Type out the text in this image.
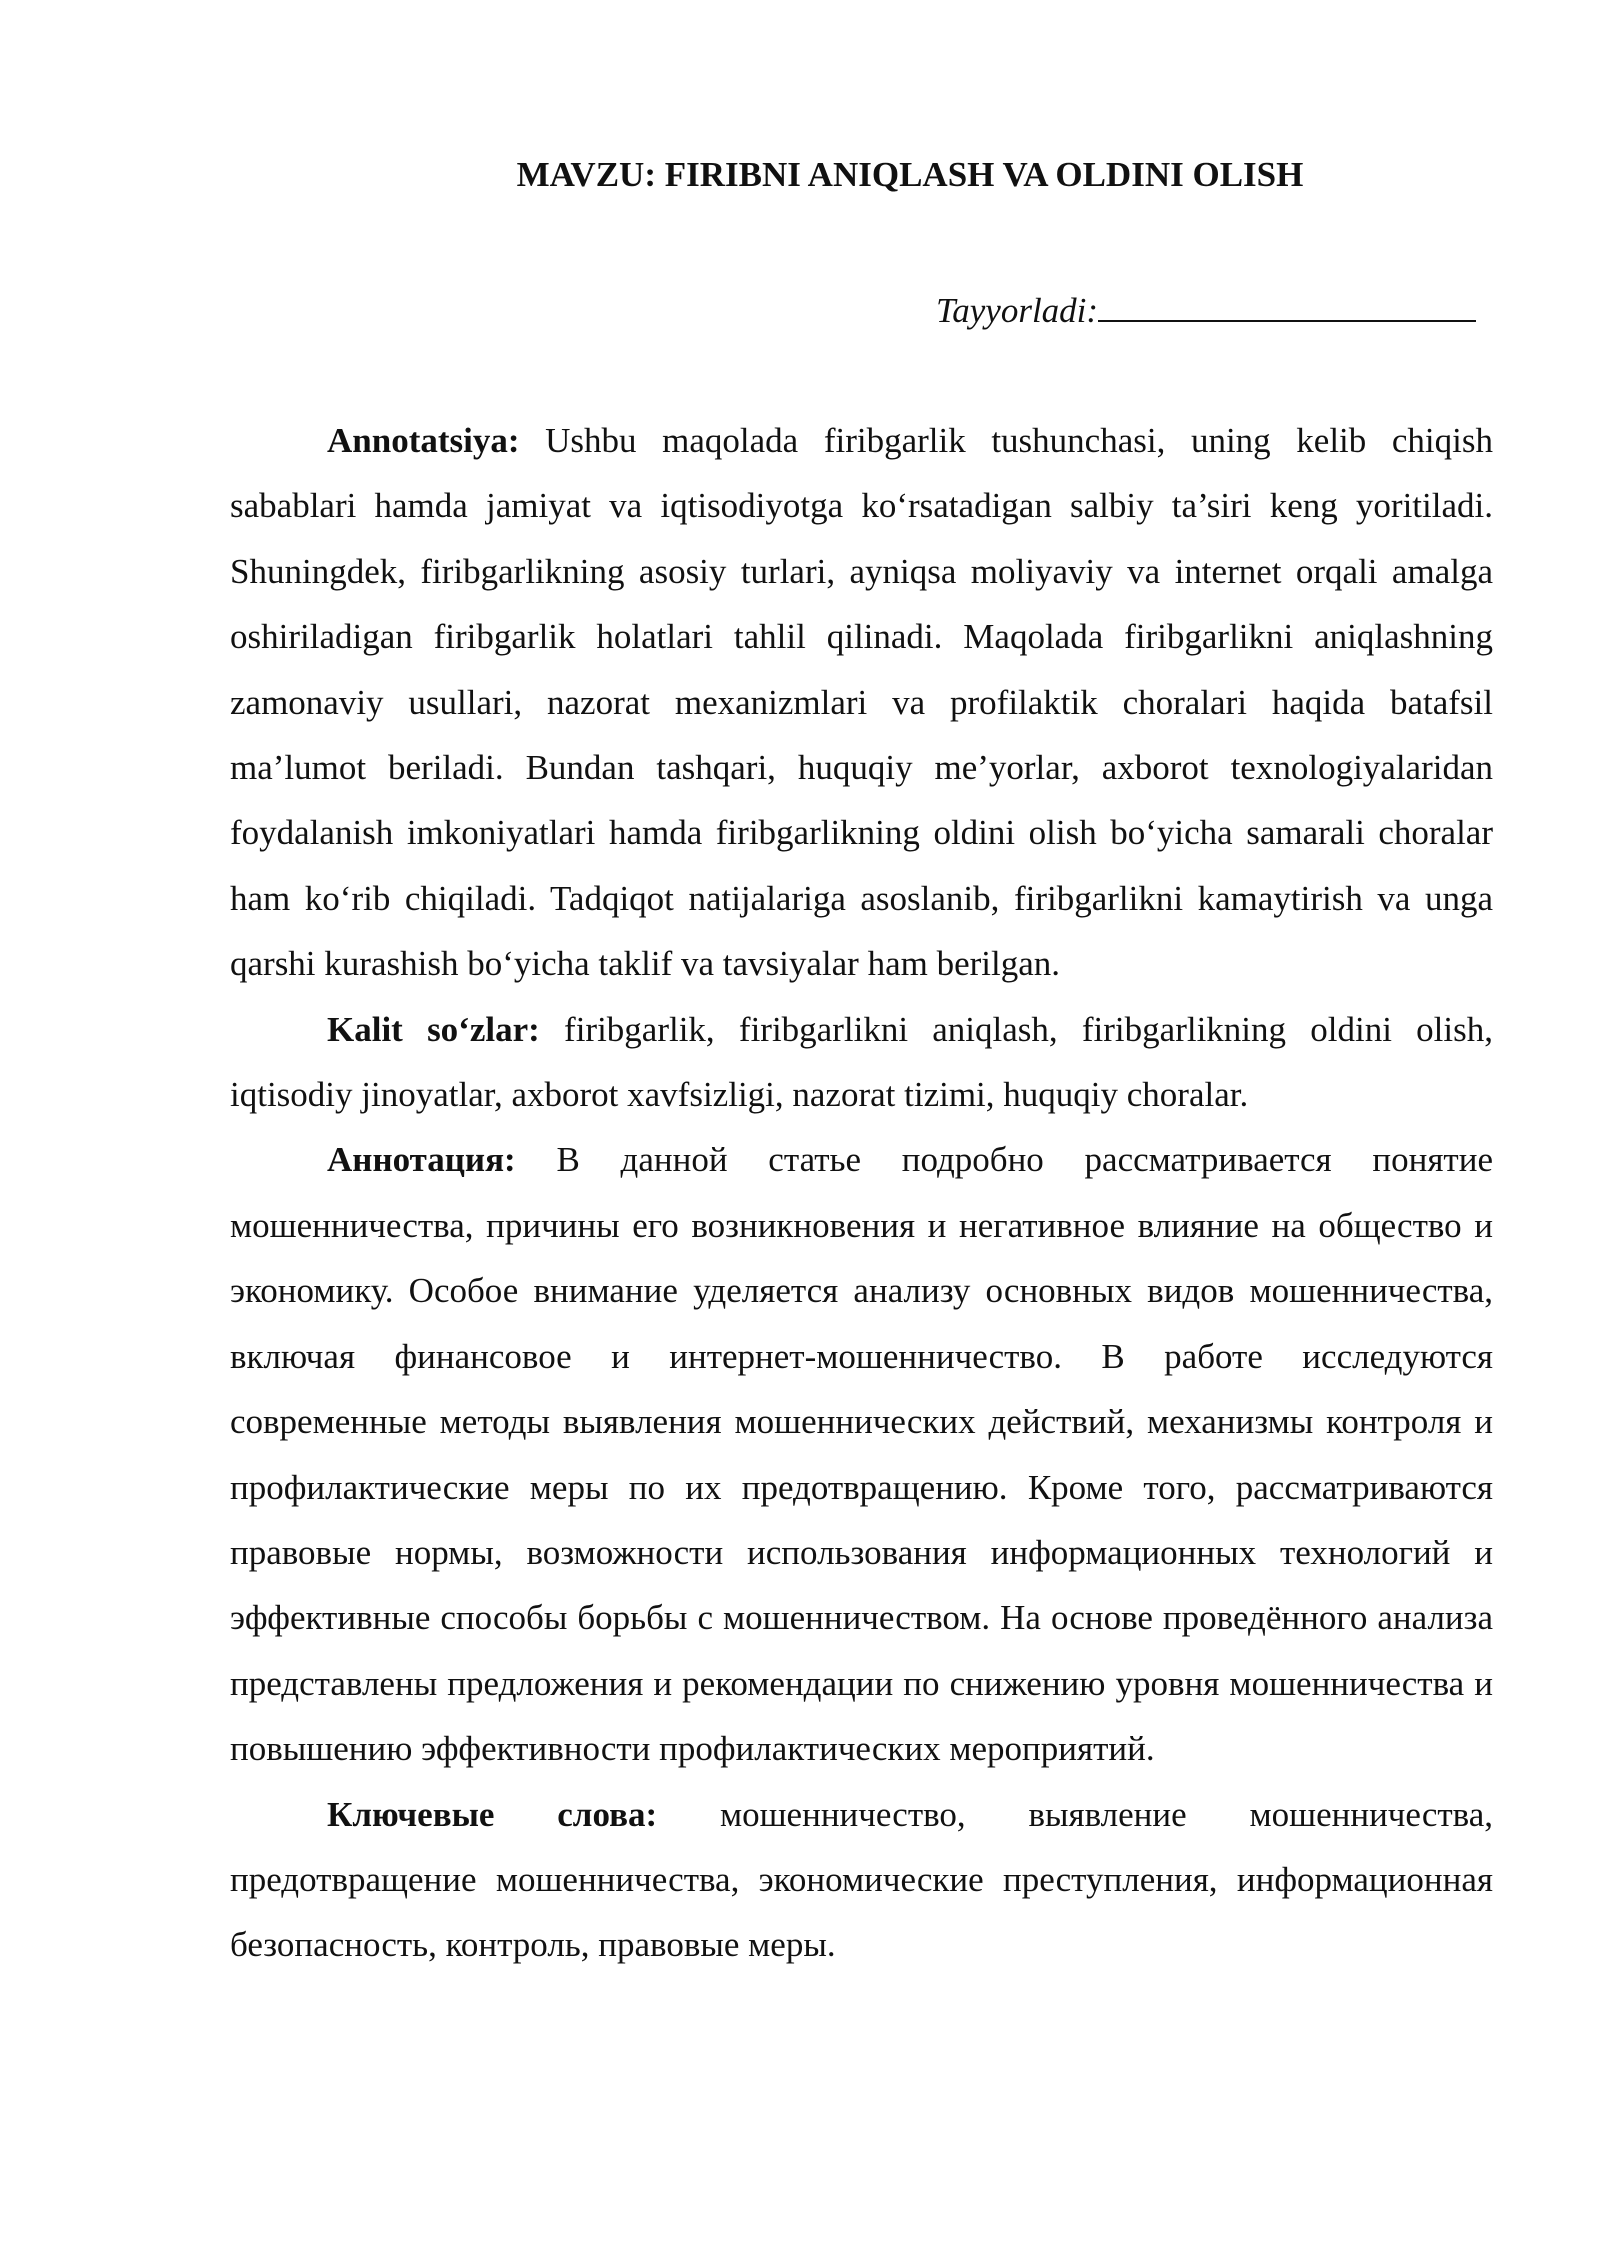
MAVZU: FIRIBNI ANIQLASH VA OLDINI OLISH
Tayyorladi:

Annotatsiya: Ushbu maqolada firibgarlik tushunchasi, uning kelib chiqish sabablari hamda jamiyat va iqtisodiyotga ko‘rsatadigan salbiy ta’siri keng yoritiladi. Shuningdek, firibgarlikning asosiy turlari, ayniqsa moliyaviy va internet orqali amalga oshiriladigan firibgarlik holatlari tahlil qilinadi. Maqolada firibgarlikni aniqlashning zamonaviy usullari, nazorat mexanizmlari va profilaktik choralari haqida batafsil ma’lumot beriladi. Bundan tashqari, huquqiy me’yorlar, axborot texnologiyalaridan foydalanish imkoniyatlari hamda firibgarlikning oldini olish bo‘yicha samarali choralar ham ko‘rib chiqiladi. Tadqiqot natijalariga asoslanib, firibgarlikni kamaytirish va unga qarshi kurashish bo‘yicha taklif va tavsiyalar ham berilgan.

Kalit so‘zlar: firibgarlik, firibgarlikni aniqlash, firibgarlikning oldini olish, iqtisodiy jinoyatlar, axborot xavfsizligi, nazorat tizimi, huquqiy choralar.

Аннотация: В данной статье подробно рассматривается понятие мошенничества, причины его возникновения и негативное влияние на общество и экономику. Особое внимание уделяется анализу основных видов мошенничества, включая финансовое и интернет-мошенничество. В работе исследуются современные методы выявления мошеннических действий, механизмы контроля и профилактические меры по их предотвращению. Кроме того, рассматриваются правовые нормы, возможности использования информационных технологий и эффективные способы борьбы с мошенничеством. На основе проведённого анализа представлены предложения и рекомендации по снижению уровня мошенничества и повышению эффективности профилактических мероприятий.

Ключевые слова: мошенничество, выявление мошенничества, предотвращение мошенничества, экономические преступления, информационная безопасность, контроль, правовые меры.
